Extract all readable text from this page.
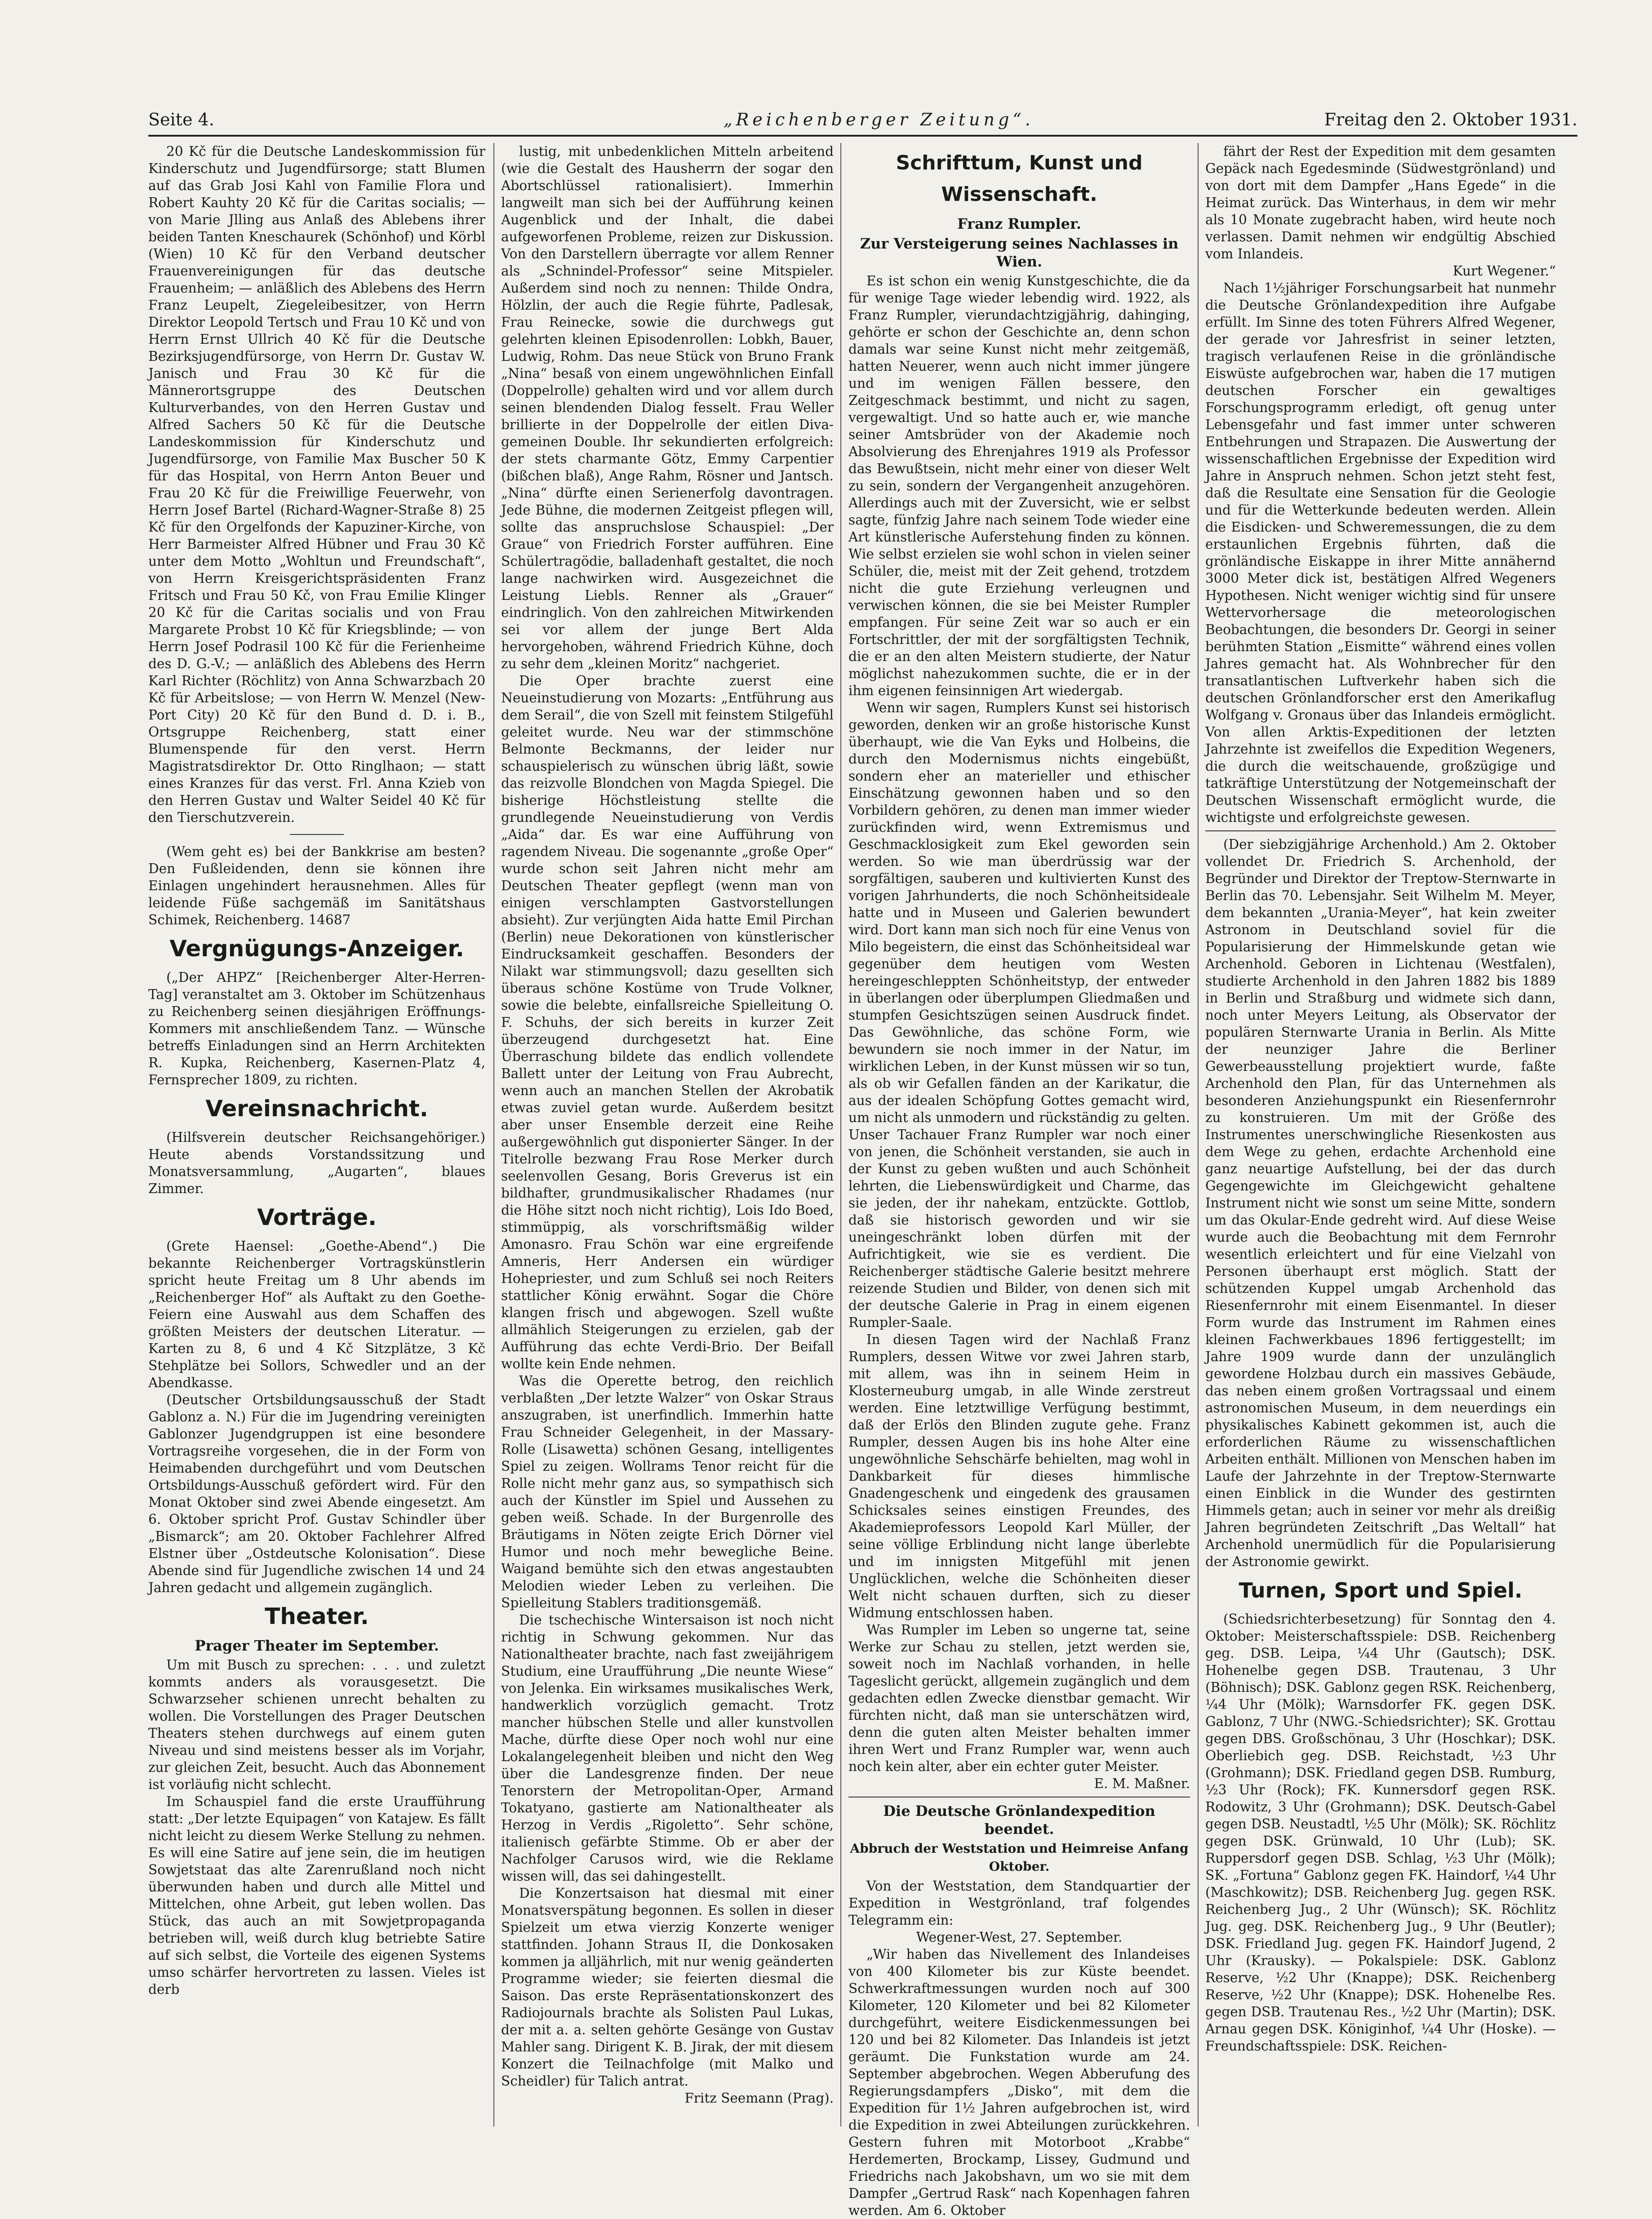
Seite 4.	„Reichenberger Zeitung“.	Freitag den 2. Oktober 1931.

20 Kč für die Deutsche Landeskommission für Kinderschutz und Jugendfürsorge; statt Blumen auf das Grab Josi Kahl von Familie Flora und Robert Kauhty 20 Kč für die Caritas socialis; — von Marie Jlling aus Anlaß des Ablebens ihrer beiden Tanten Kneschaurek (Schönhof) und Körbl (Wien) 10 Kč für den Verband deutscher Frauenvereinigungen für das deutsche Frauenheim; — anläßlich des Ablebens des Herrn Franz Leupelt, Ziegeleibesitzer, von Herrn Direktor Leopold Tertsch und Frau 10 Kč und von Herrn Ernst Ullrich 40 Kč für die Deutsche Bezirksjugendfürsorge, von Herrn Dr. Gustav W. Janisch und Frau 30 Kč für die Männerortsgruppe des Deutschen Kulturverbandes, von den Herren Gustav und Alfred Sachers 50 Kč für die Deutsche Landeskommission für Kinderschutz und Jugendfürsorge, von Familie Max Buscher 50 K für das Hospital, von Herrn Anton Beuer und Frau 20 Kč für die Freiwillige Feuerwehr, von Herrn Josef Bartel (Richard-Wagner-Straße 8) 25 Kč für den Orgelfonds der Kapuziner-Kirche, von Herr Barmeister Alfred Hübner und Frau 30 Kč unter dem Motto „Wohltun und Freundschaft“, von Herrn Kreisgerichtspräsidenten Franz Fritsch und Frau 50 Kč, von Frau Emilie Klinger 20 Kč für die Caritas socialis und von Frau Margarete Probst 10 Kč für Kriegsblinde; — von Herrn Josef Podrasil 100 Kč für die Ferienheime des D. G.-V.; — anläßlich des Ablebens des Herrn Karl Richter (Röchlitz) von Anna Schwarzbach 20 Kč für Arbeitslose; — von Herrn W. Menzel (New-Port City) 20 Kč für den Bund d. D. i. B., Ortsgruppe Reichenberg, statt einer Blumenspende für den verst. Herrn Magistratsdirektor Dr. Otto Ringlhaon; — statt eines Kranzes für das verst. Frl. Anna Kzieb von den Herren Gustav und Walter Seidel 40 Kč für den Tierschutzverein.

(Wem geht es) bei der Bankkrise am besten? Den Fußleidenden, denn sie können ihre Einlagen ungehindert herausnehmen. Alles für leidende Füße sachgemäß im Sanitätshaus Schimek, Reichenberg. 14687

Vergnügungs-Anzeiger.

(„Der AHPZ“ [Reichenberger Alter-Herren-Tag] veranstaltet am 3. Oktober im Schützenhaus zu Reichenberg seinen diesjährigen Eröffnungs-Kommers mit anschließendem Tanz. — Wünsche betreffs Einladungen sind an Herrn Architekten R. Kupka, Reichenberg, Kasernen-Platz 4, Fernsprecher 1809, zu richten.

Vereinsnachricht.

(Hilfsverein deutscher Reichsangehöriger.) Heute abends Vorstandssitzung und Monatsversammlung, „Augarten“, blaues Zimmer.

Vorträge.

(Grete Haensel: „Goethe-Abend“.) Die bekannte Reichenberger Vortragskünstlerin spricht heute Freitag um 8 Uhr abends im „Reichenberger Hof“ als Auftakt zu den Goethe-Feiern eine Auswahl aus dem Schaffen des größten Meisters der deutschen Literatur. — Karten zu 8, 6 und 4 Kč Sitzplätze, 3 Kč Stehplätze bei Sollors, Schwedler und an der Abendkasse.

(Deutscher Ortsbildungsausschuß der Stadt Gablonz a. N.) Für die im Jugendring vereinigten Gablonzer Jugendgruppen ist eine besondere Vortragsreihe vorgesehen, die in der Form von Heimabenden durchgeführt und vom Deutschen Ortsbildungs-Ausschuß gefördert wird. Für den Monat Oktober sind zwei Abende eingesetzt. Am 6. Oktober spricht Prof. Gustav Schindler über „Bismarck“; am 20. Oktober Fachlehrer Alfred Elstner über „Ostdeutsche Kolonisation“. Diese Abende sind für Jugendliche zwischen 14 und 24 Jahren gedacht und allgemein zugänglich.

Theater.
Prager Theater im September.

Um mit Busch zu sprechen: . . . und zuletzt kommts anders als vorausgesetzt. Die Schwarzseher schienen unrecht behalten zu wollen. Die Vorstellungen des Prager Deutschen Theaters stehen durchwegs auf einem guten Niveau und sind meistens besser als im Vorjahr, zur gleichen Zeit, besucht. Auch das Abonnement ist vorläufig nicht schlecht.

Im Schauspiel fand die erste Uraufführung statt: „Der letzte Equipagen“ von Katajew. Es fällt nicht leicht zu diesem Werke Stellung zu nehmen. Es will eine Satire auf jene sein, die im heutigen Sowjetstaat das alte Zarenrußland noch nicht überwunden haben und durch alle Mittel und Mittelchen, ohne Arbeit, gut leben wollen. Das Stück, das auch an mit Sowjetpropaganda betrieben will, weiß durch klug betriebte Satire auf sich selbst, die Vorteile des eigenen Systems umso schärfer hervortreten zu lassen. Vieles ist derb

lustig, mit unbedenklichen Mitteln arbeitend (wie die Gestalt des Hausherrn der sogar den Abortschlüssel rationalisiert). Immerhin langweilt man sich bei der Aufführung keinen Augenblick und der Inhalt, die dabei aufgeworfenen Probleme, reizen zur Diskussion. Von den Darstellern überragte vor allem Renner als „Schnindel-Professor“ seine Mitspieler. Außerdem sind noch zu nennen: Thilde Ondra, Hölzlin, der auch die Regie führte, Padlesak, Frau Reinecke, sowie die durchwegs gut gelehrten kleinen Episodenrollen: Lobkh, Bauer, Ludwig, Rohm. Das neue Stück von Bruno Frank „Nina“ besaß von einem ungewöhnlichen Einfall (Doppelrolle) gehalten wird und vor allem durch seinen blendenden Dialog fesselt. Frau Weller brillierte in der Doppelrolle der eitlen Diva-gemeinen Double. Ihr sekundierten erfolgreich: der stets charmante Götz, Emmy Carpentier (bißchen blaß), Ange Rahm, Rösner und Jantsch. „Nina“ dürfte einen Serienerfolg davontragen. Jede Bühne, die modernen Zeitgeist pflegen will, sollte das anspruchslose Schauspiel: „Der Graue“ von Friedrich Forster aufführen. Eine Schülertragödie, balladenhaft gestaltet, die noch lange nachwirken wird. Ausgezeichnet die Leistung Liebls. Renner als „Grauer“ eindringlich. Von den zahlreichen Mitwirkenden sei vor allem der junge Bert Alda hervorgehoben, während Friedrich Kühne, doch zu sehr dem „kleinen Moritz“ nachgeriet.

Die Oper brachte zuerst eine Neueinstudierung von Mozarts: „Entführung aus dem Serail“, die von Szell mit feinstem Stilgefühl geleitet wurde. Neu war der stimmschöne Belmonte Beckmanns, der leider nur schauspielerisch zu wünschen übrig läßt, sowie das reizvolle Blondchen von Magda Spiegel. Die bisherige Höchstleistung stellte die grundlegende Neueinstudierung von Verdis „Aida“ dar. Es war eine Aufführung von ragendem Niveau. Die sogenannte „große Oper“ wurde schon seit Jahren nicht mehr am Deutschen Theater gepflegt (wenn man von einigen verschlampten Gastvorstellungen absieht). Zur verjüngten Aida hatte Emil Pirchan (Berlin) neue Dekorationen von künstlerischer Eindrucksamkeit geschaffen. Besonders der Nilakt war stimmungsvoll; dazu gesellten sich überaus schöne Kostüme von Trude Volkner, sowie die belebte, einfallsreiche Spielleitung O. F. Schuhs, der sich bereits in kurzer Zeit überzeugend durchgesetzt hat. Eine Überraschung bildete das endlich vollendete Ballett unter der Leitung von Frau Aubrecht, wenn auch an manchen Stellen der Akrobatik etwas zuviel getan wurde. Außerdem besitzt aber unser Ensemble derzeit eine Reihe außergewöhnlich gut disponierter Sänger. In der Titelrolle bezwang Frau Rose Merker durch seelenvollen Gesang, Boris Greverus ist ein bildhafter, grundmusikalischer Rhadames (nur die Höhe sitzt noch nicht richtig), Lois Ido Boed, stimmüppig, als vorschriftsmäßig wilder Amonasro. Frau Schön war eine ergreifende Amneris, Herr Andersen ein würdiger Hohepriester, und zum Schluß sei noch Reiters stattlicher König erwähnt. Sogar die Chöre klangen frisch und abgewogen. Szell wußte allmählich Steigerungen zu erzielen, gab der Aufführung das echte Verdi-Brio. Der Beifall wollte kein Ende nehmen.

Was die Operette betrog, den reichlich verblaßten „Der letzte Walzer“ von Oskar Straus anszugraben, ist unerfindlich. Immerhin hatte Frau Schneider Gelegenheit, in der Massary-Rolle (Lisawetta) schönen Gesang, intelligentes Spiel zu zeigen. Wollrams Tenor reicht für die Rolle nicht mehr ganz aus, so sympathisch sich auch der Künstler im Spiel und Aussehen zu geben weiß. Schade. In der Burgenrolle des Bräutigams in Nöten zeigte Erich Dörner viel Humor und noch mehr bewegliche Beine. Waigand bemühte sich den etwas angestaubten Melodien wieder Leben zu verleihen. Die Spielleitung Stablers traditionsgemäß.

Die tschechische Wintersaison ist noch nicht richtig in Schwung gekommen. Nur das Nationaltheater brachte, nach fast zweijährigem Studium, eine Uraufführung „Die neunte Wiese“ von Jelenka. Ein wirksames musikalisches Werk, handwerklich vorzüglich gemacht. Trotz mancher hübschen Stelle und aller kunstvollen Mache, dürfte diese Oper noch wohl nur eine Lokalangelegenheit bleiben und nicht den Weg über die Landesgrenze finden. Der neue Tenorstern der Metropolitan-Oper, Armand Tokatyano, gastierte am Nationaltheater als Herzog in Verdis „Rigoletto“. Sehr schöne, italienisch gefärbte Stimme. Ob er aber der Nachfolger Carusos wird, wie die Reklame wissen will, das sei dahingestellt.

Die Konzertsaison hat diesmal mit einer Monatsverspätung begonnen. Es sollen in dieser Spielzeit um etwa vierzig Konzerte weniger stattfinden. Johann Straus II, die Donkosaken kommen ja alljährlich, mit nur wenig geänderten Programme wieder; sie feierten diesmal die Saison. Das erste Repräsentationskonzert des Radiojournals brachte als Solisten Paul Lukas, der mit a. a. selten gehörte Gesänge von Gustav Mahler sang. Dirigent K. B. Jirak, der mit diesem Konzert die Teilnachfolge (mit Malko und Scheidler) für Talich antrat.

Fritz Seemann (Prag).

Schrifttum, Kunst und Wissenschaft.
Franz Rumpler.
Zur Versteigerung seines Nachlasses in Wien.

Es ist schon ein wenig Kunstgeschichte, die da für wenige Tage wieder lebendig wird. 1922, als Franz Rumpler, vierundachtzigjährig, dahinging, gehörte er schon der Geschichte an, denn schon damals war seine Kunst nicht mehr zeitgemäß, hatten Neuerer, wenn auch nicht immer jüngere und im wenigen Fällen bessere, den Zeitgeschmack bestimmt, und nicht zu sagen, vergewaltigt. Und so hatte auch er, wie manche seiner Amtsbrüder von der Akademie noch Absolvierung des Ehrenjahres 1919 als Professor das Bewußtsein, nicht mehr einer von dieser Welt zu sein, sondern der Vergangenheit anzugehören. Allerdings auch mit der Zuversicht, wie er selbst sagte, fünfzig Jahre nach seinem Tode wieder eine Art künstlerische Auferstehung finden zu können. Wie selbst erzielen sie wohl schon in vielen seiner Schüler, die, meist mit der Zeit gehend, trotzdem nicht die gute Erziehung verleugnen und verwischen können, die sie bei Meister Rumpler empfangen. Für seine Zeit war so auch er ein Fortschrittler, der mit der sorgfältigsten Technik, die er an den alten Meistern studierte, der Natur möglichst nahezukommen suchte, die er in der ihm eigenen feinsinnigen Art wiedergab.

Wenn wir sagen, Rumplers Kunst sei historisch geworden, denken wir an große historische Kunst überhaupt, wie die Van Eyks und Holbeins, die durch den Modernismus nichts eingebüßt, sondern eher an materieller und ethischer Einschätzung gewonnen haben und so den Vorbildern gehören, zu denen man immer wieder zurückfinden wird, wenn Extremismus und Geschmacklosigkeit zum Ekel geworden sein werden. So wie man überdrüssig war der sorgfältigen, sauberen und kultivierten Kunst des vorigen Jahrhunderts, die noch Schönheitsideale hatte und in Museen und Galerien bewundert wird. Dort kann man sich noch für eine Venus von Milo begeistern, die einst das Schönheitsideal war gegenüber dem heutigen vom Westen hereingeschleppten Schönheitstyp, der entweder in überlangen oder überplumpen Gliedmaßen und stumpfen Gesichtszügen seinen Ausdruck findet. Das Gewöhnliche, das schöne Form, wie bewundern sie noch immer in der Natur, im wirklichen Leben, in der Kunst müssen wir so tun, als ob wir Gefallen fänden an der Karikatur, die aus der idealen Schöpfung Gottes gemacht wird, um nicht als unmodern und rückständig zu gelten. Unser Tachauer Franz Rumpler war noch einer von jenen, die Schönheit verstanden, sie auch in der Kunst zu geben wußten und auch Schönheit lehrten, die Liebenswürdigkeit und Charme, das sie jeden, der ihr nahekam, entzückte. Gottlob, daß sie historisch geworden und wir sie uneingeschränkt loben dürfen mit der Aufrichtigkeit, wie sie es verdient. Die Reichenberger städtische Galerie besitzt mehrere reizende Studien und Bilder, von denen sich mit der deutsche Galerie in Prag in einem eigenen Rumpler-Saale.

In diesen Tagen wird der Nachlaß Franz Rumplers, dessen Witwe vor zwei Jahren starb, mit allem, was ihn in seinem Heim in Klosterneuburg umgab, in alle Winde zerstreut werden. Eine letztwillige Verfügung bestimmt, daß der Erlös den Blinden zugute gehe. Franz Rumpler, dessen Augen bis ins hohe Alter eine ungewöhnliche Sehschärfe behielten, mag wohl in Dankbarkeit für dieses himmlische Gnadengeschenk und eingedenk des grausamen Schicksales seines einstigen Freundes, des Akademieprofessors Leopold Karl Müller, der seine völlige Erblindung nicht lange überlebte und im innigsten Mitgefühl mit jenen Unglücklichen, welche die Schönheiten dieser Welt nicht schauen durften, sich zu dieser Widmung entschlossen haben.

Was Rumpler im Leben so ungerne tat, seine Werke zur Schau zu stellen, jetzt werden sie, soweit noch im Nachlaß vorhanden, in helle Tageslicht gerückt, allgemein zugänglich und dem gedachten edlen Zwecke dienstbar gemacht. Wir fürchten nicht, daß man sie unterschätzen wird, denn die guten alten Meister behalten immer ihren Wert und Franz Rumpler war, wenn auch noch kein alter, aber ein echter guter Meister.

E. M. Maßner.

Die Deutsche Grönlandexpedition beendet.
Abbruch der Weststation und Heimreise Anfang Oktober.

Von der Weststation, dem Standquartier der Expedition in Westgrönland, traf folgendes Telegramm ein:

Wegener-West, 27. September.

„Wir haben das Nivellement des Inlandeises von 400 Kilometer bis zur Küste beendet. Schwerkraftmessungen wurden noch auf 300 Kilometer, 120 Kilometer und bei 82 Kilometer durchgeführt, weitere Eisdickenmessungen bei 120 und bei 82 Kilometer. Das Inlandeis ist jetzt geräumt. Die Funkstation wurde am 24. September abgebrochen. Wegen Abberufung des Regierungsdampfers „Disko“, mit dem die Expedition für 1½ Jahren aufgebrochen ist, wird die Expedition in zwei Abteilungen zurückkehren. Gestern fuhren mit Motorboot „Krabbe“ Herdemerten, Brockamp, Lissey, Gudmund und Friedrichs nach Jakobshavn, um wo sie mit dem Dampfer „Gertrud Rask“ nach Kopenhagen fahren werden. Am 6. Oktober

fährt der Rest der Expedition mit dem gesamten Gepäck nach Egedesminde (Südwestgrönland) und von dort mit dem Dampfer „Hans Egede“ in die Heimat zurück. Das Winterhaus, in dem wir mehr als 10 Monate zugebracht haben, wird heute noch verlassen. Damit nehmen wir endgültig Abschied vom Inlandeis.

Kurt Wegener.“

Nach 1½jähriger Forschungsarbeit hat nunmehr die Deutsche Grönlandexpedition ihre Aufgabe erfüllt. Im Sinne des toten Führers Alfred Wegener, der gerade vor Jahresfrist in seiner letzten, tragisch verlaufenen Reise in die grönländische Eiswüste aufgebrochen war, haben die 17 mutigen deutschen Forscher ein gewaltiges Forschungsprogramm erledigt, oft genug unter Lebensgefahr und fast immer unter schweren Entbehrungen und Strapazen. Die Auswertung der wissenschaftlichen Ergebnisse der Expedition wird Jahre in Anspruch nehmen. Schon jetzt steht fest, daß die Resultate eine Sensation für die Geologie und für die Wetterkunde bedeuten werden. Allein die Eisdicken- und Schweremessungen, die zu dem erstaunlichen Ergebnis führten, daß die grönländische Eiskappe in ihrer Mitte annähernd 3000 Meter dick ist, bestätigen Alfred Wegeners Hypothesen. Nicht weniger wichtig sind für unsere Wettervorhersage die meteorologischen Beobachtungen, die besonders Dr. Georgi in seiner berühmten Station „Eismitte“ während eines vollen Jahres gemacht hat. Als Wohnbrecher für den transatlantischen Luftverkehr haben sich die deutschen Grönlandforscher erst den Amerikaflug Wolfgang v. Gronaus über das Inlandeis ermöglicht. Von allen Arktis-Expeditionen der letzten Jahrzehnte ist zweifellos die Expedition Wegeners, die durch die weitschauende, großzügige und tatkräftige Unterstützung der Notgemeinschaft der Deutschen Wissenschaft ermöglicht wurde, die wichtigste und erfolgreichste gewesen.

(Der siebzigjährige Archenhold.) Am 2. Oktober vollendet Dr. Friedrich S. Archenhold, der Begründer und Direktor der Treptow-Sternwarte in Berlin das 70. Lebensjahr. Seit Wilhelm M. Meyer, dem bekannten „Urania-Meyer“, hat kein zweiter Astronom in Deutschland soviel für die Popularisierung der Himmelskunde getan wie Archenhold. Geboren in Lichtenau (Westfalen), studierte Archenhold in den Jahren 1882 bis 1889 in Berlin und Straßburg und widmete sich dann, noch unter Meyers Leitung, als Observator der populären Sternwarte Urania in Berlin. Als Mitte der neunziger Jahre die Berliner Gewerbeausstellung projektiert wurde, faßte Archenhold den Plan, für das Unternehmen als besonderen Anziehungspunkt ein Riesenfernrohr zu konstruieren. Um mit der Größe des Instrumentes unerschwingliche Riesenkosten aus dem Wege zu gehen, erdachte Archenhold eine ganz neuartige Aufstellung, bei der das durch Gegengewichte im Gleichgewicht gehaltene Instrument nicht wie sonst um seine Mitte, sondern um das Okular-Ende gedreht wird. Auf diese Weise wurde auch die Beobachtung mit dem Fernrohr wesentlich erleichtert und für eine Vielzahl von Personen überhaupt erst möglich. Statt der schützenden Kuppel umgab Archenhold das Riesenfernrohr mit einem Eisenmantel. In dieser Form wurde das Instrument im Rahmen eines kleinen Fachwerkbaues 1896 fertiggestellt; im Jahre 1909 wurde dann der unzulänglich gewordene Holzbau durch ein massives Gebäude, das neben einem großen Vortragssaal und einem astronomischen Museum, in dem neuerdings ein physikalisches Kabinett gekommen ist, auch die erforderlichen Räume zu wissenschaftlichen Arbeiten enthält. Millionen von Menschen haben im Laufe der Jahrzehnte in der Treptow-Sternwarte einen Einblick in die Wunder des gestirnten Himmels getan; auch in seiner vor mehr als dreißig Jahren begründeten Zeitschrift „Das Weltall“ hat Archenhold unermüdlich für die Popularisierung der Astronomie gewirkt.

Turnen, Sport und Spiel.

(Schiedsrichterbesetzung) für Sonntag den 4. Oktober: Meisterschaftsspiele: DSB. Reichenberg geg. DSB. Leipa, ¼4 Uhr (Gautsch); DSK. Hohenelbe gegen DSB. Trautenau, 3 Uhr (Böhnisch); DSK. Gablonz gegen RSK. Reichenberg, ¼4 Uhr (Mölk); Warnsdorfer FK. gegen DSK. Gablonz, 7 Uhr (NWG.-Schiedsrichter); SK. Grottau gegen DBS. Großschönau, 3 Uhr (Hoschkar); DSK. Oberliebich geg. DSB. Reichstadt, ½3 Uhr (Grohmann); DSK. Friedland gegen DSB. Rumburg, ½3 Uhr (Rock); FK. Kunnersdorf gegen RSK. Rodowitz, 3 Uhr (Grohmann); DSK. Deutsch-Gabel gegen DSB. Neustadtl, ½5 Uhr (Mölk); SK. Röchlitz gegen DSK. Grünwald, 10 Uhr (Lub); SK. Ruppersdorf gegen DSB. Schlag, ½3 Uhr (Mölk); SK. „Fortuna“ Gablonz gegen FK. Haindorf, ¼4 Uhr (Maschkowitz); DSB. Reichenberg Jug. gegen RSK. Reichenberg Jug., 2 Uhr (Wünsch); SK. Röchlitz Jug. geg. DSK. Reichenberg Jug., 9 Uhr (Beutler); DSK. Friedland Jug. gegen FK. Haindorf Jugend, 2 Uhr (Krausky). — Pokalspiele: DSK. Gablonz Reserve, ½2 Uhr (Knappe); DSK. Reichenberg Reserve, ½2 Uhr (Knappe); DSK. Hohenelbe Res. gegen DSB. Trautenau Res., ½2 Uhr (Martin); DSK. Arnau gegen DSK. Königinhof, ¼4 Uhr (Hoske). — Freundschaftsspiele: DSK. Reichen-
